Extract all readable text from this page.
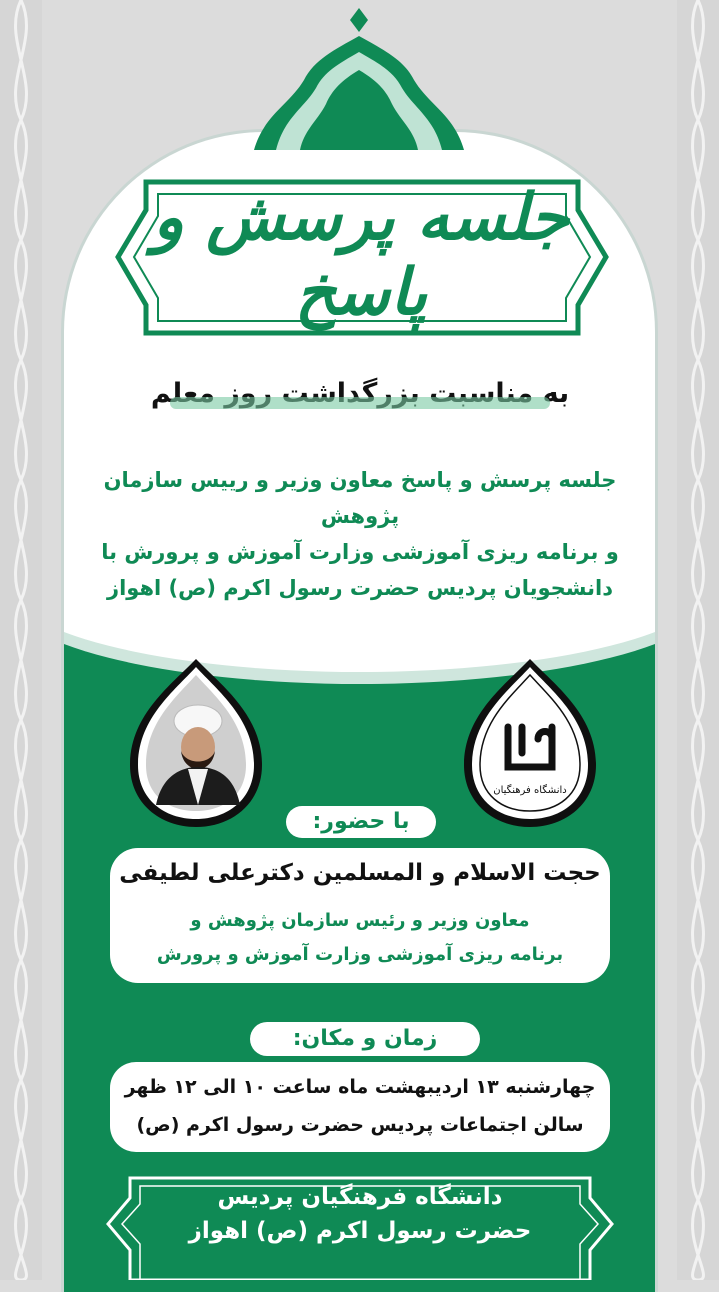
جلسه پرسش و پاسخ
به مناسبت بزرگداشت روز معلم
جلسه پرسش و پاسخ معاون وزیر و رییس سازمان پژوهش
و برنامه ریزی آموزشی وزارت آموزش و پرورش با
دانشجویان پردیس حضرت رسول اکرم (ص) اهواز
دانشگاه فرهنگیان
با حضور:
حجت الاسلام و المسلمین دکترعلی لطیفی
معاون وزیر و رئیس سازمان پژوهش و
برنامه ریزی آموزشی وزارت آموزش و پرورش
زمان و مکان:
چهارشنبه ۱۳ اردیبهشت ماه ساعت ۱۰ الی ۱۲ ظهر
سالن اجتماعات پردیس حضرت رسول اکرم (ص)
دانشگاه فرهنگیان پردیس
حضرت رسول اکرم (ص) اهواز
